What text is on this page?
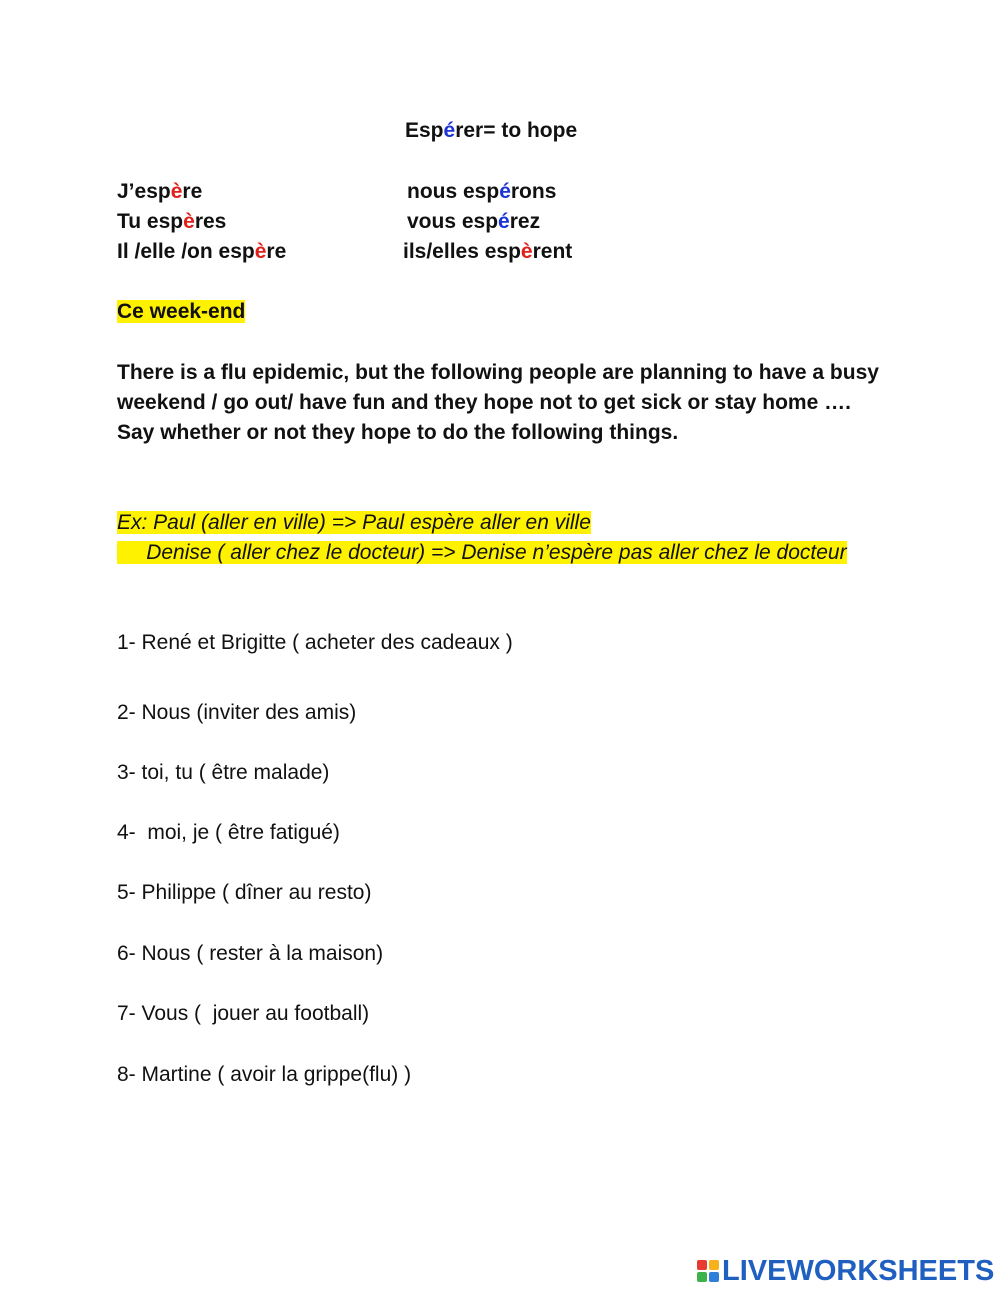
Espérer= to hope
J’espère
Tu espères
Il /elle /on espère
nous espérons
vous espérez
ils/elles espèrent
Ce week-end
There is a flu epidemic, but the following people are planning to have a busy weekend / go out/ have fun and they hope not to get sick or stay home ….
Say whether or not they hope to do the following things.
Ex: Paul (aller en ville) => Paul espère aller en ville
Denise ( aller chez le docteur) => Denise n’espère pas aller chez le docteur
1- René et Brigitte ( acheter des cadeaux )
2- Nous (inviter des amis)
3- toi, tu ( être malade)
4-  moi, je ( être fatigué)
5- Philippe ( dîner au resto)
6- Nous ( rester à la maison)
7- Vous (  jouer au football)
8- Martine ( avoir la grippe(flu) )
LIVEWORKSHEETS
